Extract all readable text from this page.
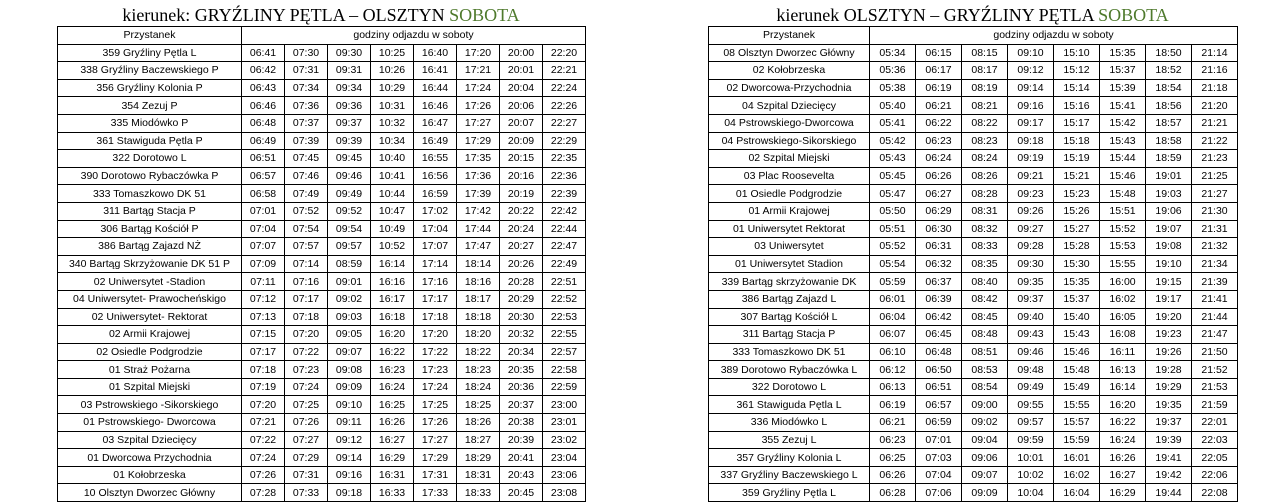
kierunek: GRYŹLINY PĘTLA – OLSZTYN SOBOTA
Przystanek	godziny odjazdu w soboty							
359 Gryźliny Pętla L	06:41	07:30	09:30	10:25	16:40	17:20	20:00	22:20
338 Gryźliny Baczewskiego P	06:42	07:31	09:31	10:26	16:41	17:21	20:01	22:21
356 Gryźliny Kolonia P	06:43	07:34	09:34	10:29	16:44	17:24	20:04	22:24
354 Zezuj P	06:46	07:36	09:36	10:31	16:46	17:26	20:06	22:26
335 Miodówko P	06:48	07:37	09:37	10:32	16:47	17:27	20:07	22:27
361 Stawiguda Pętla P	06:49	07:39	09:39	10:34	16:49	17:29	20:09	22:29
322 Dorotowo L	06:51	07:45	09:45	10:40	16:55	17:35	20:15	22:35
390 Dorotowo Rybaczówka P	06:57	07:46	09:46	10:41	16:56	17:36	20:16	22:36
333 Tomaszkowo DK 51	06:58	07:49	09:49	10:44	16:59	17:39	20:19	22:39
311 Bartąg Stacja P	07:01	07:52	09:52	10:47	17:02	17:42	20:22	22:42
306 Bartąg Kościół P	07:04	07:54	09:54	10:49	17:04	17:44	20:24	22:44
386 Bartąg Zajazd NŻ	07:07	07:57	09:57	10:52	17:07	17:47	20:27	22:47
340 Bartąg Skrzyżowanie DK 51 P	07:09	07:14	08:59	16:14	17:14	18:14	20:26	22:49
02 Uniwersytet -Stadion	07:11	07:16	09:01	16:16	17:16	18:16	20:28	22:51
04 Uniwersytet- Prawocheńskigo	07:12	07:17	09:02	16:17	17:17	18:17	20:29	22:52
02 Uniwersytet- Rektorat	07:13	07:18	09:03	16:18	17:18	18:18	20:30	22:53
02 Armii Krajowej	07:15	07:20	09:05	16:20	17:20	18:20	20:32	22:55
02 Osiedle Podgrodzie	07:17	07:22	09:07	16:22	17:22	18:22	20:34	22:57
01 Straż Pożarna	07:18	07:23	09:08	16:23	17:23	18:23	20:35	22:58
01 Szpital Miejski	07:19	07:24	09:09	16:24	17:24	18:24	20:36	22:59
03 Pstrowskiego -Sikorskiego	07:20	07:25	09:10	16:25	17:25	18:25	20:37	23:00
01 Pstrowskiego- Dworcowa	07:21	07:26	09:11	16:26	17:26	18:26	20:38	23:01
03 Szpital Dziecięcy	07:22	07:27	09:12	16:27	17:27	18:27	20:39	23:02
01 Dworcowa Przychodnia	07:24	07:29	09:14	16:29	17:29	18:29	20:41	23:04
01 Kołobrzeska	07:26	07:31	09:16	16:31	17:31	18:31	20:43	23:06
10 Olsztyn Dworzec Główny	07:28	07:33	09:18	16:33	17:33	18:33	20:45	23:08
kierunek OLSZTYN – GRYŹLINY PĘTLA SOBOTA
Przystanek	godziny odjazdu w soboty							
08 Olsztyn Dworzec Główny	05:34	06:15	08:15	09:10	15:10	15:35	18:50	21:14
02 Kołobrzeska	05:36	06:17	08:17	09:12	15:12	15:37	18:52	21:16
02 Dworcowa-Przychodnia	05:38	06:19	08:19	09:14	15:14	15:39	18:54	21:18
04 Szpital Dziecięcy	05:40	06:21	08:21	09:16	15:16	15:41	18:56	21:20
04 Pstrowskiego-Dworcowa	05:41	06:22	08:22	09:17	15:17	15:42	18:57	21:21
04 Pstrowskiego-Sikorskiego	05:42	06:23	08:23	09:18	15:18	15:43	18:58	21:22
02 Szpital Miejski	05:43	06:24	08:24	09:19	15:19	15:44	18:59	21:23
03 Plac Roosevelta	05:45	06:26	08:26	09:21	15:21	15:46	19:01	21:25
01 Osiedle Podgrodzie	05:47	06:27	08:28	09:23	15:23	15:48	19:03	21:27
01 Armii Krajowej	05:50	06:29	08:31	09:26	15:26	15:51	19:06	21:30
01 Uniwersytet Rektorat	05:51	06:30	08:32	09:27	15:27	15:52	19:07	21:31
03 Uniwersytet	05:52	06:31	08:33	09:28	15:28	15:53	19:08	21:32
01 Uniwersytet Stadion	05:54	06:32	08:35	09:30	15:30	15:55	19:10	21:34
339 Bartąg skrzyżowanie DK	05:59	06:37	08:40	09:35	15:35	16:00	19:15	21:39
386 Bartąg Zajazd L	06:01	06:39	08:42	09:37	15:37	16:02	19:17	21:41
307 Bartąg Kościół L	06:04	06:42	08:45	09:40	15:40	16:05	19:20	21:44
311 Bartąg Stacja P	06:07	06:45	08:48	09:43	15:43	16:08	19:23	21:47
333 Tomaszkowo DK 51	06:10	06:48	08:51	09:46	15:46	16:11	19:26	21:50
389 Dorotowo Rybaczówka L	06:12	06:50	08:53	09:48	15:48	16:13	19:28	21:52
322 Dorotowo L	06:13	06:51	08:54	09:49	15:49	16:14	19:29	21:53
361 Stawiguda Pętla L	06:19	06:57	09:00	09:55	15:55	16:20	19:35	21:59
336 Miodówko L	06:21	06:59	09:02	09:57	15:57	16:22	19:37	22:01
355 Zezuj L	06:23	07:01	09:04	09:59	15:59	16:24	19:39	22:03
357 Gryźliny Kolonia L	06:25	07:03	09:06	10:01	16:01	16:26	19:41	22:05
337 Gryźliny Baczewskiego L	06:26	07:04	09:07	10:02	16:02	16:27	19:42	22:06
359 Gryźliny Pętla L	06:28	07:06	09:09	10:04	16:04	16:29	19:44	22:08
